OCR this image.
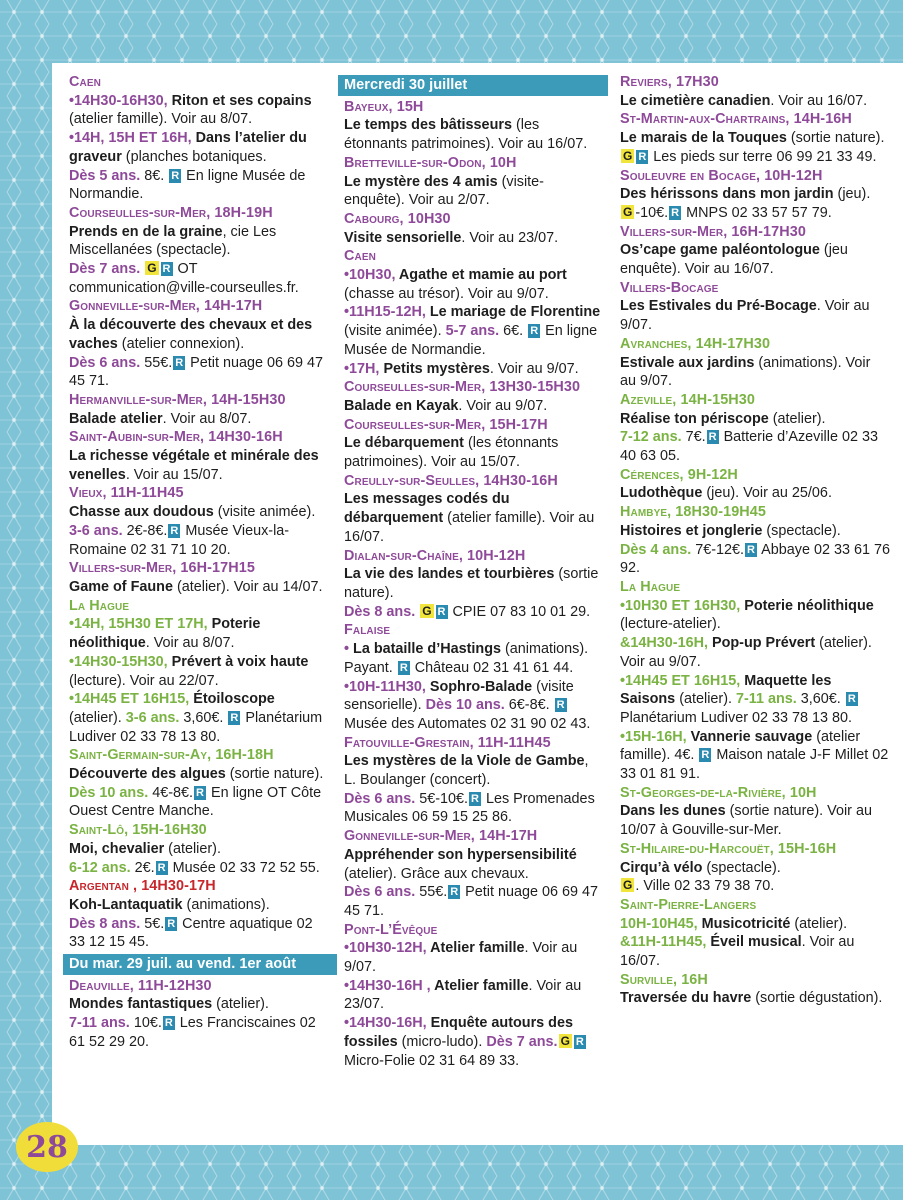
Caen
•14H30-16H30, Riton et ses copains (atelier famille). Voir au 8/07.
•14H, 15H ET 16H, Dans l’atelier du graveur (planches botaniques.
Dès 5 ans. 8€. R En ligne Musée de Normandie.
Courseulles-sur-Mer, 18H-19H
Prends en de la graine, cie Les Miscellanées (spectacle).
Dès 7 ans. G R OT communication@ville-courseulles.fr.
Gonneville-sur-Mer, 14H-17H
À la découverte des chevaux et des vaches (atelier connexion).
Dès 6 ans. 55€. R Petit nuage 06 69 47 45 71.
Hermanville-sur-Mer, 14H-15H30
Balade atelier. Voir au 8/07.
Saint-Aubin-sur-Mer, 14H30-16H
La richesse végétale et minérale des venelles. Voir au 15/07.
Vieux, 11H-11H45
Chasse aux doudous (visite animée).
3-6 ans. 2€-8€. R Musée Vieux-la-Romaine 02 31 71 10 20.
Villers-sur-Mer, 16H-17H15
Game of Faune (atelier). Voir au 14/07.
La Hague
•14H, 15H30 ET 17H, Poterie néolithique. Voir au 8/07.
•14H30-15H30, Prévert à voix haute (lecture). Voir au 22/07.
•14H45 ET 16H15, Étoiloscope (atelier). 3-6 ans. 3,60€. R Planétarium Ludiver 02 33 78 13 80.
Saint-Germain-sur-Ay, 16H-18H
Découverte des algues (sortie nature).
Dès 10 ans. 4€-8€. R En ligne OT Côte Ouest Centre Manche.
Saint-Lô, 15H-16H30
Moi, chevalier (atelier).
6-12 ans. 2€. R Musée 02 33 72 52 55.
Argentan , 14H30-17H
Koh-Lantaquatik (animations).
Dès 8 ans. 5€. R Centre aquatique 02 33 12 15 45.
Du mar. 29 juil. au vend. 1er août
Deauville, 11H-12H30
Mondes fantastiques (atelier).
7-11 ans. 10€. R Les Franciscaines 02 61 52 29 20.
Mercredi 30 juillet
Bayeux, 15H
Le temps des bâtisseurs (les étonnants patrimoines). Voir au 16/07.
Bretteville-sur-Odon, 10H
Le mystère des 4 amis (visite-enquête). Voir au 2/07.
Cabourg, 10H30
Visite sensorielle. Voir au 23/07.
Caen
•10H30, Agathe et mamie au port (chasse au trésor). Voir au 9/07.
•11H15-12H, Le mariage de Florentine (visite animée). 5-7 ans. 6€. R En ligne Musée de Normandie.
•17H, Petits mystères. Voir au 9/07.
Courseulles-sur-Mer, 13H30-15H30
Balade en Kayak. Voir au 9/07.
Courseulles-sur-Mer, 15H-17H
Le débarquement (les étonnants patrimoines). Voir au 15/07.
Creully-sur-Seulles, 14H30-16H
Les messages codés du débarquement (atelier famille). Voir au 16/07.
Dialan-sur-Chaîne, 10H-12H
La vie des landes et tourbières (sortie nature).
Dès 8 ans. G R CPIE 07 83 10 01 29.
Falaise
• La bataille d’Hastings (animations). Payant. R Château 02 31 41 61 44.
•10H-11H30, Sophro-Balade (visite sensorielle). Dès 10 ans. 6€-8€. R Musée des Automates 02 31 90 02 43.
Fatouville-Grestain, 11H-11H45
Les mystères de la Viole de Gambe, L. Boulanger (concert).
Dès 6 ans. 5€-10€. R Les Promenades Musicales 06 59 15 25 86.
Gonneville-sur-Mer, 14H-17H
Appréhender son hypersensibilité (atelier). Grâce aux chevaux.
Dès 6 ans. 55€. R Petit nuage 06 69 47 45 71.
Pont-L’Évêque
•10H30-12H, Atelier famille. Voir au 9/07.
•14H30-16H , Atelier famille. Voir au 23/07.
•14H30-16H, Enquête autours des fossiles (micro-ludo). Dès 7 ans. G R Micro-Folie 02 31 64 89 33.
Reviers, 17H30
Le cimetière canadien. Voir au 16/07.
St-Martin-aux-Chartrains, 14H-16H
Le marais de la Touques (sortie nature).
G R Les pieds sur terre 06 99 21 33 49.
Souleuvre en Bocage, 10H-12H
Des hérissons dans mon jardin (jeu).
G -10€. R MNPS 02 33 57 57 79.
Villers-sur-Mer, 16H-17H30
Os’cape game paléontologue (jeu enquête). Voir au 16/07.
Villers-Bocage
Les Estivales du Pré-Bocage. Voir au 9/07.
Avranches, 14H-17H30
Estivale aux jardins (animations). Voir au 9/07.
Azeville, 14H-15H30
Réalise ton périscope (atelier).
7-12 ans. 7€. R Batterie d’Azeville 02 33 40 63 05.
Cérences, 9H-12H
Ludothèque (jeu). Voir au 25/06.
Hambye, 18H30-19H45
Histoires et jonglerie (spectacle).
Dès 4 ans. 7€-12€. R Abbaye 02 33 61 76 92.
La Hague
•10H30 ET 16H30, Poterie néolithique (lecture-atelier).
&14H30-16H, Pop-up Prévert (atelier). Voir au 9/07.
•14H45 ET 16H15, Maquette les Saisons (atelier). 7-11 ans. 3,60€. R Planétarium Ludiver 02 33 78 13 80.
•15H-16H, Vannerie sauvage (atelier famille). 4€. R Maison natale J-F Millet 02 33 01 81 91.
St-Georges-de-la-Rivière, 10H
Dans les dunes (sortie nature). Voir au 10/07 à Gouville-sur-Mer.
St-Hilaire-du-Harcouët, 15H-16H
Cirqu’à vélo (spectacle).
G . Ville 02 33 79 38 70.
Saint-Pierre-Langers
10H-10H45, Musicotricité (atelier).
&11H-11H45, Éveil musical. Voir au 16/07.
Surville, 16H
Traversée du havre (sortie dégustation).
28
